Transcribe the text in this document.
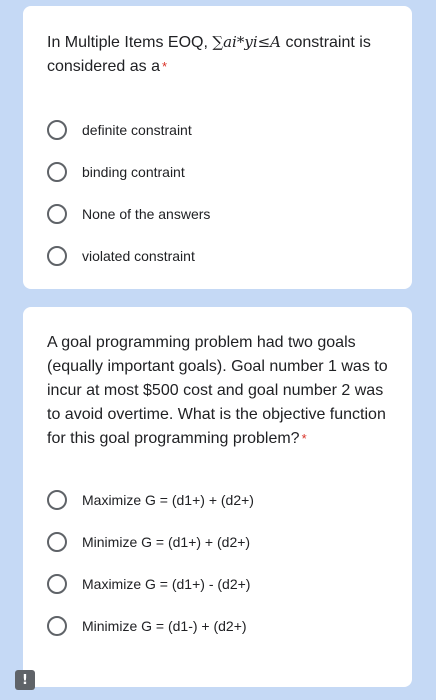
In Multiple Items EOQ, ∑ai*yi≤A constraint is considered as a *
definite constraint
binding contraint
None of the answers
violated constraint
A goal programming problem had two goals (equally important goals). Goal number 1 was to incur at most $500 cost and goal number 2 was to avoid overtime. What is the objective function for this goal programming problem? *
Maximize G = (d1+) + (d2+)
Minimize G = (d1+) + (d2+)
Maximize G = (d1+) - (d2+)
Minimize G = (d1-) + (d2+)
!
